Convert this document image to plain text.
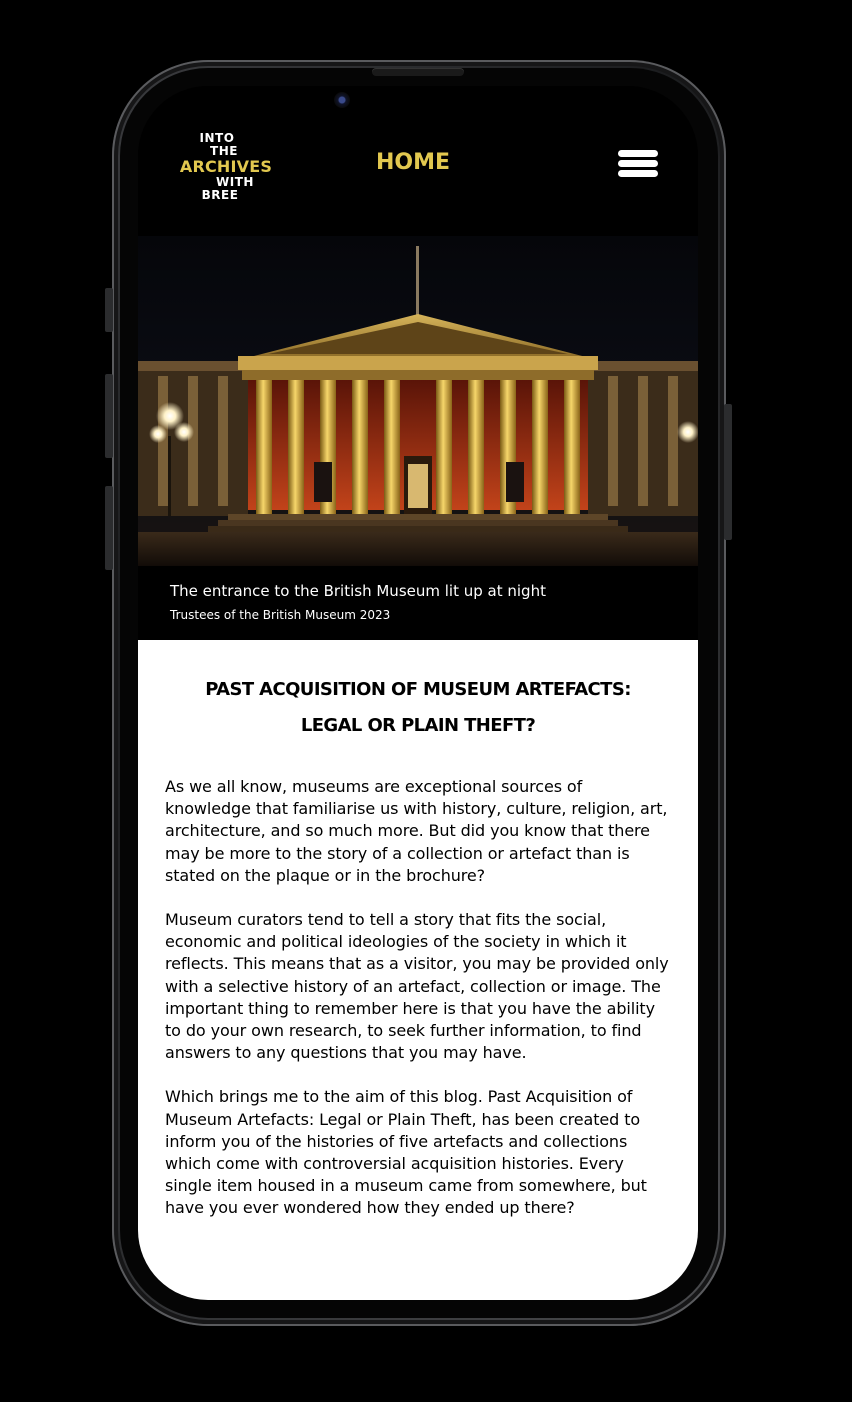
INTO
THE
ARCHIVES
WITH
BREE
HOME
The entrance to the British Museum lit up at night
Trustees of the British Museum 2023
PAST ACQUISITION OF MUSEUM ARTEFACTS:
LEGAL OR PLAIN THEFT?

As we all know, museums are exceptional sources of knowledge that familiarise us with history, culture, religion, art, architecture, and so much more. But did you know that there may be more to the story of a collection or artefact than is stated on the plaque or in the brochure?

Museum curators tend to tell a story that fits the social, economic and political ideologies of the society in which it reflects. This means that as a visitor, you may be provided only with a selective history of an artefact, collection or image. The important thing to remember here is that you have the ability to do your own research, to seek further information, to find answers to any questions that you may have.

Which brings me to the aim of this blog. Past Acquisition of Museum Artefacts: Legal or Plain Theft, has been created to inform you of the histories of five artefacts and collections which come with controversial acquisition histories. Every single item housed in a museum came from somewhere, but have you ever wondered how they ended up there?
